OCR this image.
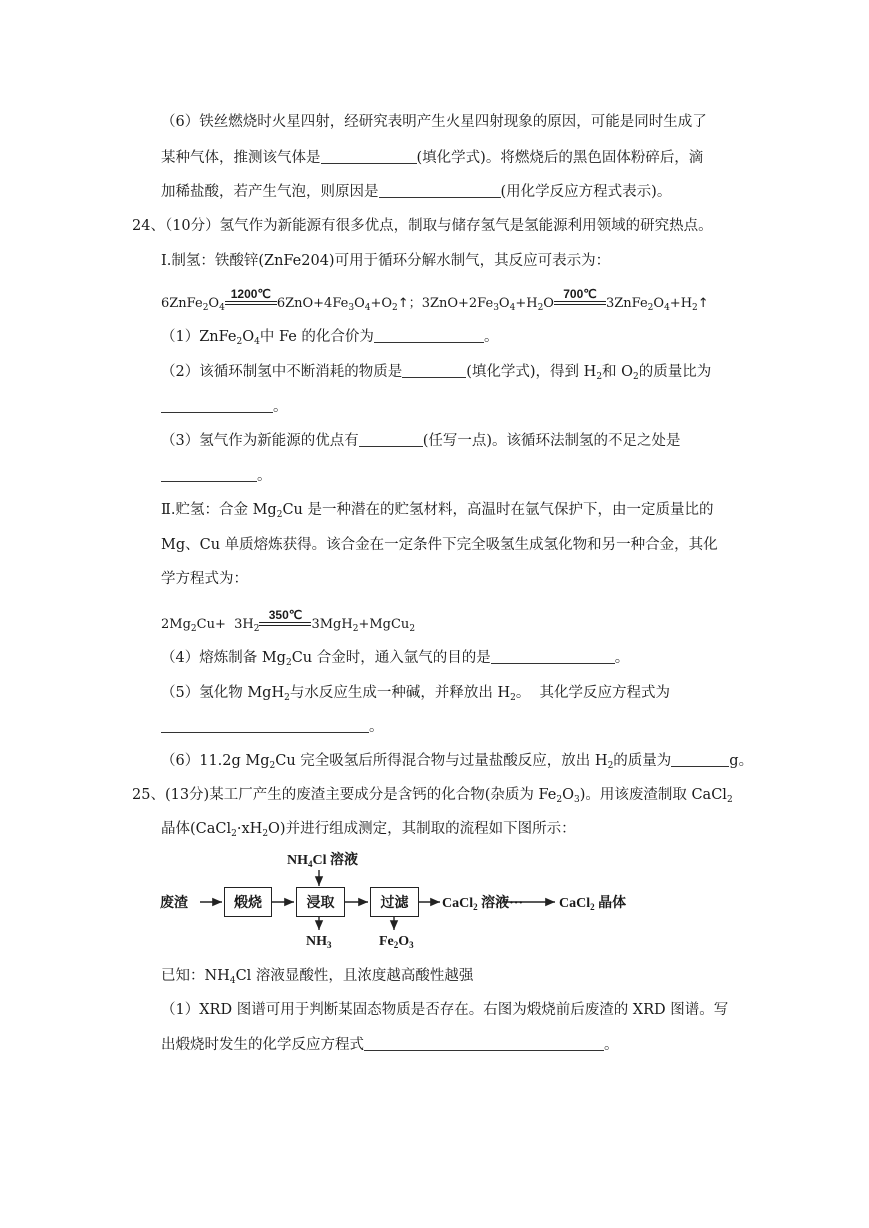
（6）铁丝燃烧时火星四射，经研究表明产生火星四射现象的原因，可能是同时生成了
某种气体，推测该气体是	(填化学式)。将燃烧后的黑色固体粉碎后，滴
加稀盐酸，若产生气泡，则原因是	(用化学反应方程式表示)。
24、（10分）氢气作为新能源有很多优点，制取与储存氢气是氢能源利用领域的研究热点。
I.制氢：铁酸锌(ZnFe204)可用于循环分解水制气，其反应可表示为：
$6ZnFe_2O_4$
1200℃
$6ZnO+4Fe_3O_4+O_2↑$；$3ZnO+2Fe_3O_4+H_2O$
700℃
$3ZnFe_2O_4+H_2↑$
$(1)ZnFe_2O_4$中 Fe 的化合价为	。
（2）该循环制氢中不断消耗的物质是	(填化学式)，得到 $H_2$和 $O_2$的质量比为
。
（3）氢气作为新能源的优点有	(任写一点)。该循环法制氢的不足之处是
。
Ⅱ.贮氢：合金 $Mg_2Cu$ 是一种潜在的贮氢材料，高温时在氩气保护下，由一定质量比的
Mg、Cu 单质熔炼获得。该合金在一定条件下完全吸氢生成氢化物和另一种合金，其化
学方程式为：
$2Mg_2Cu+ 3H_2$
350℃
3MgH$_2$+MgCu$_2$
（4）熔炼制备 $Mg_2Cu$ 合金时，通入氩气的目的是	。
（5）氢化物 MgH$_2$与水反应生成一种碱，并释放出 $H_2$。  其化学反应方程式为
。
（6）11.2g $Mg_2Cu$ 完全吸氢后所得混合物与过量盐酸反应，放出 $H_2$的质量为	g。
25、(13分)某工厂产生的废渣主要成分是含钙的化合物(杂质为 $Fe_2O_3$)。用该废渣制取 CaCl$_2$
晶体$(CaCl_2\cdot xH_2O)$并进行组成测定，其制取的流程如下图所示：
$NH_4Cl$ 溶液
废渣	煅烧	浸取	过滤 CaCl$_2$ 溶液···	CaCl$_2$ 晶体
$NH_3$	$Fe_2O_3$
已知：$NH_4Cl$ 溶液显酸性，且浓度越高酸性越强
（1）XRD 图谱可用于判断某固态物质是否存在。右图为煅烧前后废渣的 XRD 图谱。写
出煅烧时发生的化学反应方程式	。
